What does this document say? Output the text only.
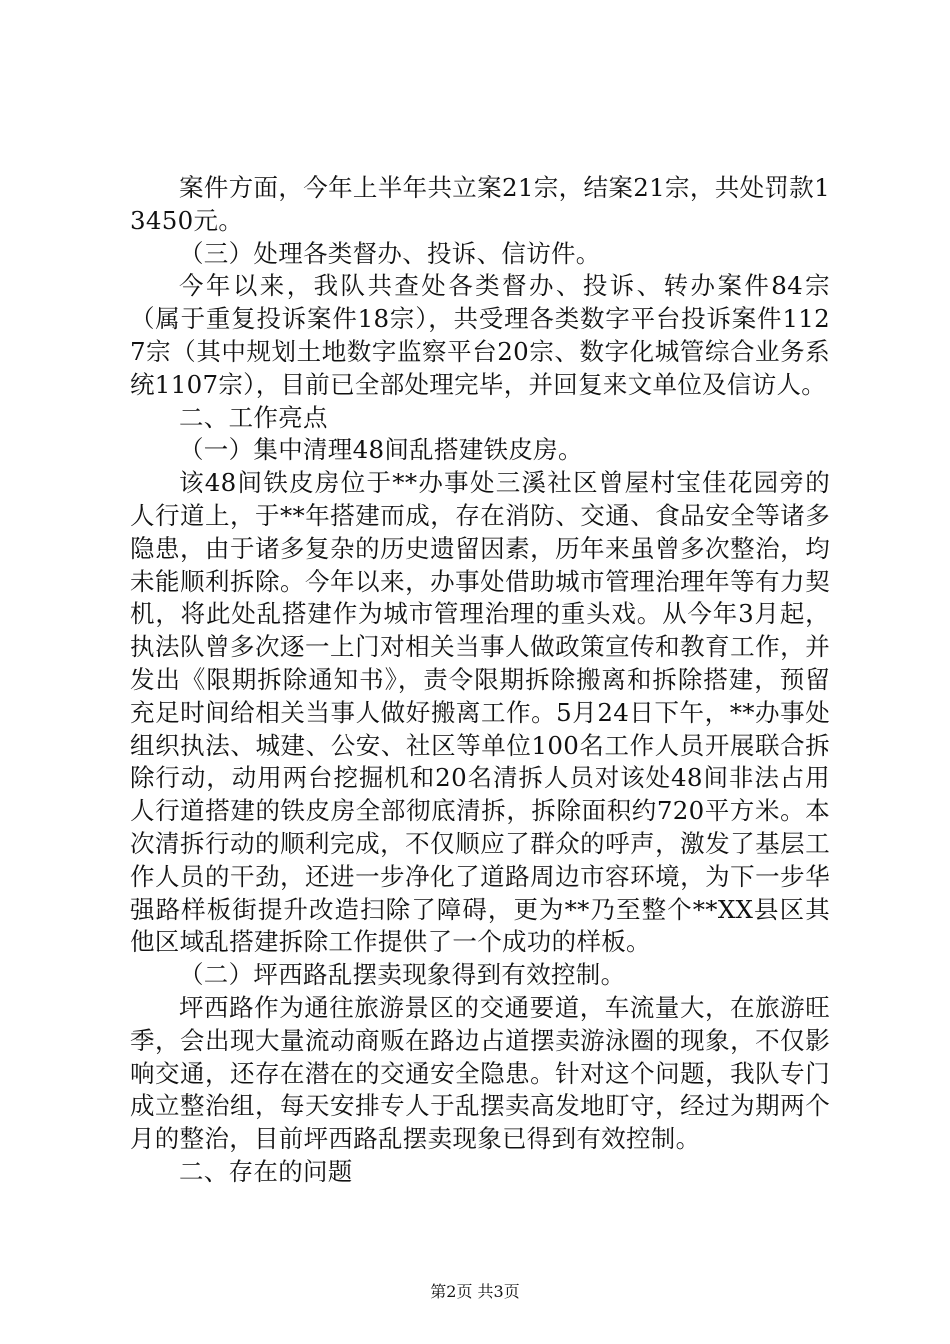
案件方面，今年上半年共立案21宗，结案21宗，共处罚款13450元。

（三）处理各类督办、投诉、信访件。

今年以来，我队共查处各类督办、投诉、转办案件84宗（属于重复投诉案件18宗），共受理各类数字平台投诉案件1127宗（其中规划土地数字监察平台20宗、数字化城管综合业务系统1107宗），目前已全部处理完毕，并回复来文单位及信访人。

二、工作亮点

（一）集中清理48间乱搭建铁皮房。

该48间铁皮房位于**办事处三溪社区曾屋村宝佳花园旁的人行道上，于**年搭建而成，存在消防、交通、食品安全等诸多隐患，由于诸多复杂的历史遗留因素，历年来虽曾多次整治，均未能顺利拆除。今年以来，办事处借助城市管理治理年等有力契机，将此处乱搭建作为城市管理治理的重头戏。从今年3月起，执法队曾多次逐一上门对相关当事人做政策宣传和教育工作，并发出《限期拆除通知书》，责令限期拆除搬离和拆除搭建，预留充足时间给相关当事人做好搬离工作。5月24日下午，**办事处组织执法、城建、公安、社区等单位100名工作人员开展联合拆除行动，动用两台挖掘机和20名清拆人员对该处48间非法占用人行道搭建的铁皮房全部彻底清拆，拆除面积约720平方米。本次清拆行动的顺利完成，不仅顺应了群众的呼声，激发了基层工作人员的干劲，还进一步净化了道路周边市容环境，为下一步华强路样板街提升改造扫除了障碍，更为**乃至整个**XX县区其他区域乱搭建拆除工作提供了一个成功的样板。

（二）坪西路乱摆卖现象得到有效控制。

坪西路作为通往旅游景区的交通要道，车流量大，在旅游旺季，会出现大量流动商贩在路边占道摆卖游泳圈的现象，不仅影响交通，还存在潜在的交通安全隐患。针对这个问题，我队专门成立整治组，每天安排专人于乱摆卖高发地盯守，经过为期两个月的整治，目前坪西路乱摆卖现象已得到有效控制。

二、存在的问题

第2页 共3页
